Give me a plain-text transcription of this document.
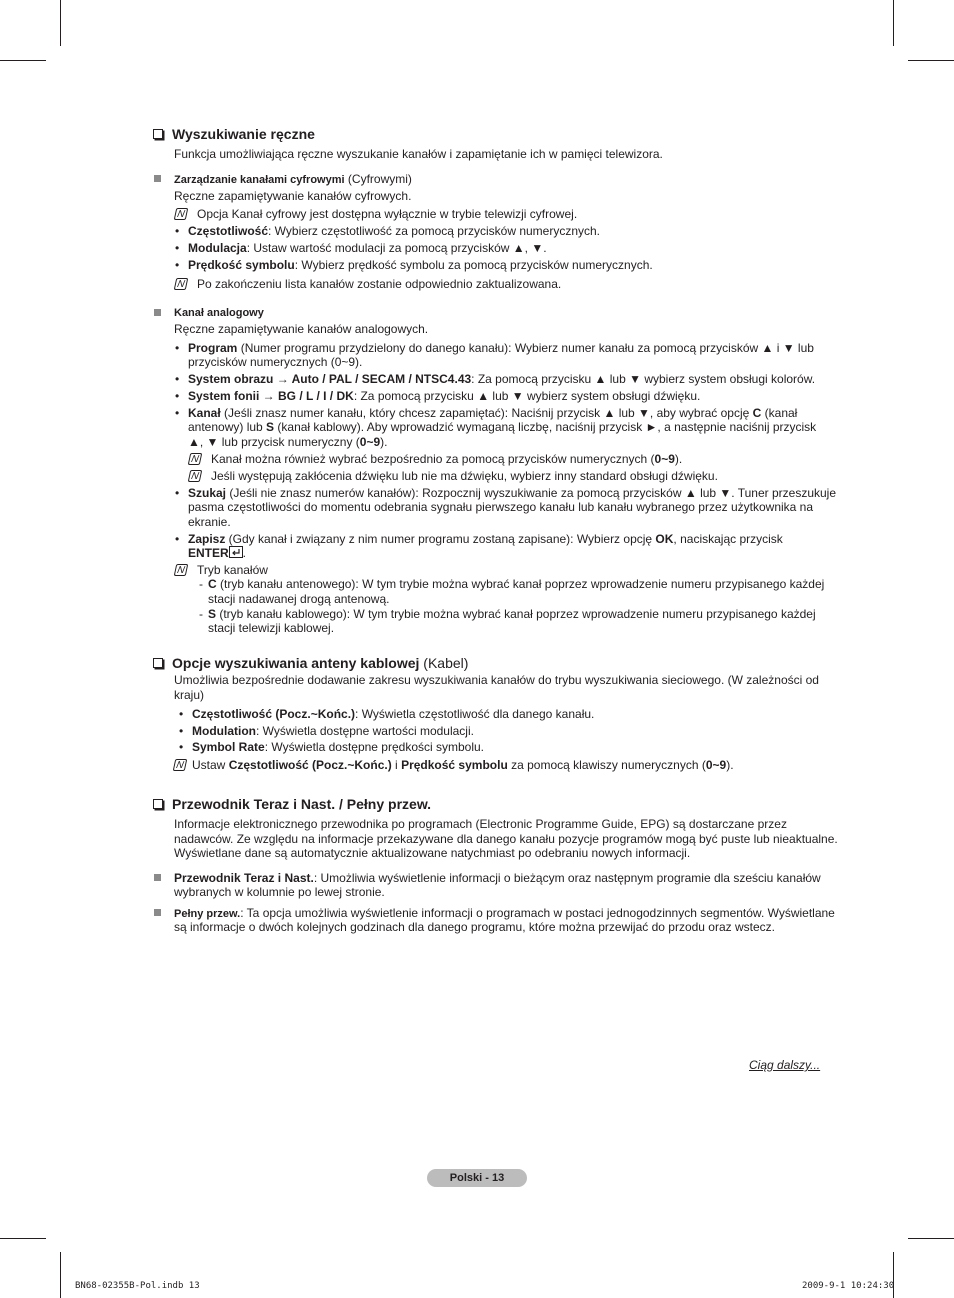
Wyszukiwanie ręczne
Funkcja umożliwiająca ręczne wyszukanie kanałów i zapamiętanie ich w pamięci telewizora.
Zarządzanie kanałami cyfrowymi (Cyfrowymi)
Ręczne zapamiętywanie kanałów cyfrowych.
N Opcja Kanał cyfrowy jest dostępna wyłącznie w trybie telewizji cyfrowej.
• Częstotliwość: Wybierz częstotliwość za pomocą przycisków numerycznych.
• Modulacja: Ustaw wartość modulacji za pomocą przycisków ▲, ▼.
• Prędkość symbolu: Wybierz prędkość symbolu za pomocą przycisków numerycznych.
N Po zakończeniu lista kanałów zostanie odpowiednio zaktualizowana.
Kanał analogowy
Ręczne zapamiętywanie kanałów analogowych.
• Program (Numer programu przydzielony do danego kanału): Wybierz numer kanału za pomocą przycisków ▲ i ▼ lub
przycisków numerycznych (0~9).
• System obrazu → Auto / PAL / SECAM / NTSC4.43: Za pomocą przycisku ▲ lub ▼ wybierz system obsługi kolorów.
• System fonii → BG / L / I / DK: Za pomocą przycisku ▲ lub ▼ wybierz system obsługi dźwięku.
• Kanał (Jeśli znasz numer kanału, który chcesz zapamiętać): Naciśnij przycisk ▲ lub ▼, aby wybrać opcję C (kanał
antenowy) lub S (kanał kablowy). Aby wprowadzić wymaganą liczbę, naciśnij przycisk ►, a następnie naciśnij przycisk
▲, ▼ lub przycisk numeryczny (0~9).
N Kanał można również wybrać bezpośrednio za pomocą przycisków numerycznych (0~9).
N Jeśli występują zakłócenia dźwięku lub nie ma dźwięku, wybierz inny standard obsługi dźwięku.
• Szukaj (Jeśli nie znasz numerów kanałów): Rozpocznij wyszukiwanie za pomocą przycisków ▲ lub ▼. Tuner przeszukuje
pasma częstotliwości do momentu odebrania sygnału pierwszego kanału lub kanału wybranego przez użytkownika na
ekranie.
• Zapisz (Gdy kanał i związany z nim numer programu zostaną zapisane): Wybierz opcję OK, naciskając przycisk
ENTER .
N Tryb kanałów
- C (tryb kanału antenowego): W tym trybie można wybrać kanał poprzez wprowadzenie numeru przypisanego każdej
stacji nadawanej drogą antenową.
- S (tryb kanału kablowego): W tym trybie można wybrać kanał poprzez wprowadzenie numeru przypisanego każdej
stacji telewizji kablowej.
Opcje wyszukiwania anteny kablowej (Kabel)
Umożliwia bezpośrednie dodawanie zakresu wyszukiwania kanałów do trybu wyszukiwania sieciowego. (W zależności od
kraju)
• Częstotliwość (Pocz.~Końc.): Wyświetla częstotliwość dla danego kanału.
• Modulation: Wyświetla dostępne wartości modulacji.
• Symbol Rate: Wyświetla dostępne prędkości symbolu.
N Ustaw Częstotliwość (Pocz.~Końc.) i Prędkość symbolu za pomocą klawiszy numerycznych (0~9).
Przewodnik Teraz i Nast. / Pełny przew.
Informacje elektronicznego przewodnika po programach (Electronic Programme Guide, EPG) są dostarczane przez
nadawców. Ze względu na informacje przekazywane dla danego kanału pozycje programów mogą być puste lub nieaktualne.
Wyświetlane dane są automatycznie aktualizowane natychmiast po odebraniu nowych informacji.
Przewodnik Teraz i Nast.: Umożliwia wyświetlenie informacji o bieżącym oraz następnym programie dla sześciu kanałów
wybranych w kolumnie po lewej stronie.
Pełny przew.: Ta opcja umożliwia wyświetlenie informacji o programach w postaci jednogodzinnych segmentów. Wyświetlane
są informacje o dwóch kolejnych godzinach dla danego programu, które można przewijać do przodu oraz wstecz.
Ciąg dalszy...
Polski - 13
BN68-02355B-Pol.indb 13	2009-9-1 10:24:30
